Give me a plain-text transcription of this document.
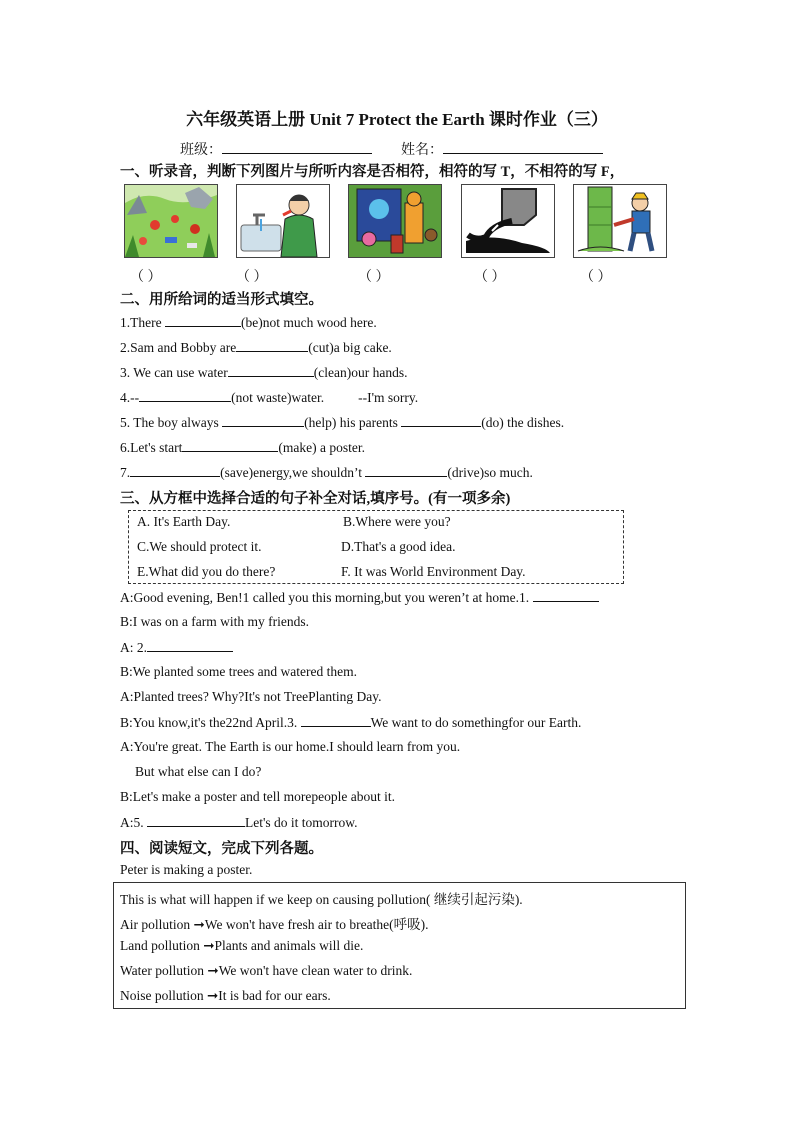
六年级英语上册 Unit 7 Protect the Earth 课时作业（三）
班级：	姓名：
一、听录音，判断下列图片与所听内容是否相符，相符的写 T，不相符的写 F，
（ ）	（ ）	（ ）	（ ）	（ ）
二、用所给词的适当形式填空。
1.There	(be)not much wood here.
2.Sam and Bobby are	(cut)a big cake.
3. We can use water	(clean)our hands.
4.--	(not waste)water.	--I'm sorry.
5. The boy always	(help) his parents	(do) the dishes.
6.Let's start	(make) a poster.
7.	(save)energy,we shouldn’t	(drive)so much.
三、从方框中选择合适的句子补全对话,填序号。(有一项多余)
A. It's Earth Day.	B.Where were you?
C.We should protect it.	D.That's a good idea.
E.What did you do there?	F. It was World Environment Day.
A:Good evening, Ben!1 called you this morning,but you weren’t at home.1.
B:I was on a farm with my friends.
A: 2.
B:We planted some trees and watered them.
A:Planted trees? Why?It's not TreePlanting Day.
B:You know,it's the22nd April.3.	We want to do somethingfor our Earth.
A:You're great. The Earth is our home.I should learn from you.
But what else can I do?
B:Let's make a poster and tell morepeople about it.
A:5.	Let's do it tomorrow.
四、阅读短文，完成下列各题。
Peter is making a poster.
This is what will happen if we keep on causing pollution( 继续引起污染).
Air pollution ➞We won't have fresh air to breathe(呼吸).
Land pollution ➞Plants and animals will die.
Water pollution ➞We won't have clean water to drink.
Noise pollution ➞It is bad for our ears.
